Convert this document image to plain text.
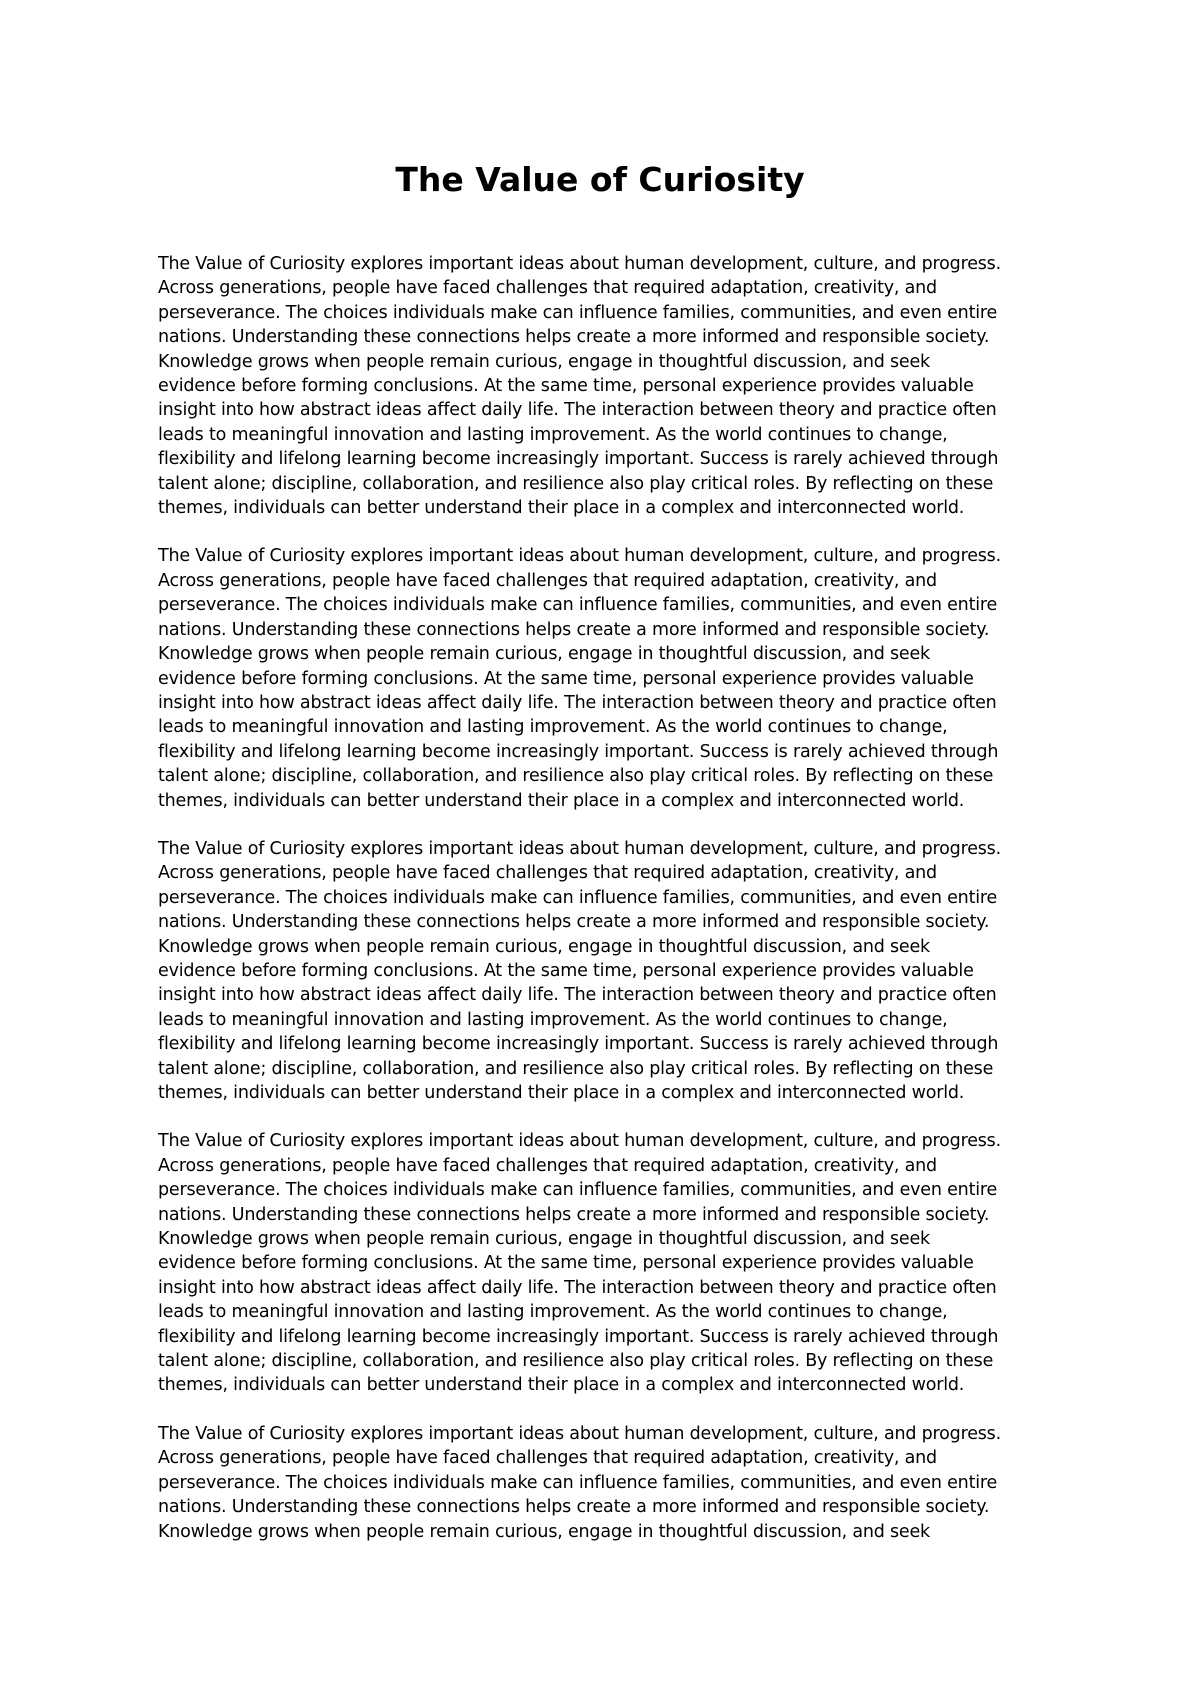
The Value of Curiosity

The Value of Curiosity explores important ideas about human development, culture, and progress.
Across generations, people have faced challenges that required adaptation, creativity, and
perseverance. The choices individuals make can influence families, communities, and even entire
nations. Understanding these connections helps create a more informed and responsible society.
Knowledge grows when people remain curious, engage in thoughtful discussion, and seek
evidence before forming conclusions. At the same time, personal experience provides valuable
insight into how abstract ideas affect daily life. The interaction between theory and practice often
leads to meaningful innovation and lasting improvement. As the world continues to change,
flexibility and lifelong learning become increasingly important. Success is rarely achieved through
talent alone; discipline, collaboration, and resilience also play critical roles. By reflecting on these
themes, individuals can better understand their place in a complex and interconnected world.

The Value of Curiosity explores important ideas about human development, culture, and progress.
Across generations, people have faced challenges that required adaptation, creativity, and
perseverance. The choices individuals make can influence families, communities, and even entire
nations. Understanding these connections helps create a more informed and responsible society.
Knowledge grows when people remain curious, engage in thoughtful discussion, and seek
evidence before forming conclusions. At the same time, personal experience provides valuable
insight into how abstract ideas affect daily life. The interaction between theory and practice often
leads to meaningful innovation and lasting improvement. As the world continues to change,
flexibility and lifelong learning become increasingly important. Success is rarely achieved through
talent alone; discipline, collaboration, and resilience also play critical roles. By reflecting on these
themes, individuals can better understand their place in a complex and interconnected world.

The Value of Curiosity explores important ideas about human development, culture, and progress.
Across generations, people have faced challenges that required adaptation, creativity, and
perseverance. The choices individuals make can influence families, communities, and even entire
nations. Understanding these connections helps create a more informed and responsible society.
Knowledge grows when people remain curious, engage in thoughtful discussion, and seek
evidence before forming conclusions. At the same time, personal experience provides valuable
insight into how abstract ideas affect daily life. The interaction between theory and practice often
leads to meaningful innovation and lasting improvement. As the world continues to change,
flexibility and lifelong learning become increasingly important. Success is rarely achieved through
talent alone; discipline, collaboration, and resilience also play critical roles. By reflecting on these
themes, individuals can better understand their place in a complex and interconnected world.

The Value of Curiosity explores important ideas about human development, culture, and progress.
Across generations, people have faced challenges that required adaptation, creativity, and
perseverance. The choices individuals make can influence families, communities, and even entire
nations. Understanding these connections helps create a more informed and responsible society.
Knowledge grows when people remain curious, engage in thoughtful discussion, and seek
evidence before forming conclusions. At the same time, personal experience provides valuable
insight into how abstract ideas affect daily life. The interaction between theory and practice often
leads to meaningful innovation and lasting improvement. As the world continues to change,
flexibility and lifelong learning become increasingly important. Success is rarely achieved through
talent alone; discipline, collaboration, and resilience also play critical roles. By reflecting on these
themes, individuals can better understand their place in a complex and interconnected world.

The Value of Curiosity explores important ideas about human development, culture, and progress.
Across generations, people have faced challenges that required adaptation, creativity, and
perseverance. The choices individuals make can influence families, communities, and even entire
nations. Understanding these connections helps create a more informed and responsible society.
Knowledge grows when people remain curious, engage in thoughtful discussion, and seek
